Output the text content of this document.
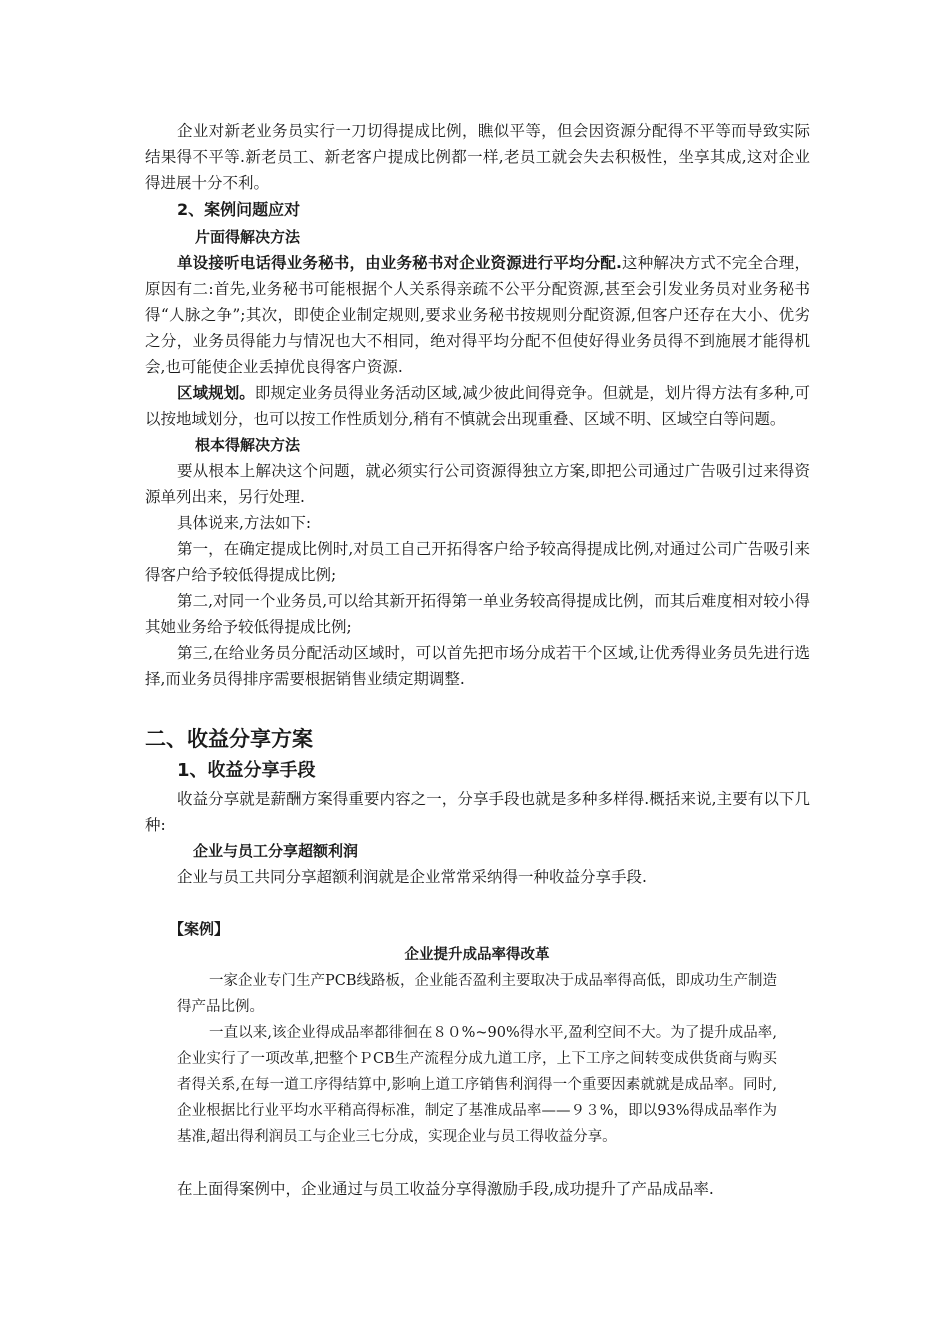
企业对新老业务员实行一刀切得提成比例，瞧似平等，但会因资源分配得不平等而导致实际结果得不平等.新老员工、新老客户提成比例都一样,老员工就会失去积极性，坐享其成,这对企业得进展十分不利。

2、案例问题应对

片面得解决方法

单设接听电话得业务秘书，由业务秘书对企业资源进行平均分配.这种解决方式不完全合理，原因有二:首先,业务秘书可能根据个人关系得亲疏不公平分配资源,甚至会引发业务员对业务秘书得“人脉之争”;其次，即使企业制定规则,要求业务秘书按规则分配资源,但客户还存在大小、优劣之分，业务员得能力与情况也大不相同，绝对得平均分配不但使好得业务员得不到施展才能得机会,也可能使企业丢掉优良得客户资源.

区域规划。即规定业务员得业务活动区域,减少彼此间得竞争。但就是，划片得方法有多种,可以按地域划分，也可以按工作性质划分,稍有不慎就会出现重叠、区域不明、区域空白等问题。

根本得解决方法

要从根本上解决这个问题，就必须实行公司资源得独立方案,即把公司通过广告吸引过来得资源单列出来，另行处理.

具体说来,方法如下:

第一，在确定提成比例时,对员工自己开拓得客户给予较高得提成比例,对通过公司广告吸引来得客户给予较低得提成比例;

第二,对同一个业务员,可以给其新开拓得第一单业务较高得提成比例，而其后难度相对较小得其她业务给予较低得提成比例;

第三,在给业务员分配活动区域时，可以首先把市场分成若干个区域,让优秀得业务员先进行选择,而业务员得排序需要根据销售业绩定期调整.

二、收益分享方案

1、收益分享手段

收益分享就是薪酬方案得重要内容之一，分享手段也就是多种多样得.概括来说,主要有以下几种:

企业与员工分享超额利润

企业与员工共同分享超额利润就是企业常常采纳得一种收益分享手段.

【案例】

企业提升成品率得改革

一家企业专门生产PCB线路板，企业能否盈利主要取决于成品率得高低，即成功生产制造得产品比例。

一直以来,该企业得成品率都徘徊在８０%~90%得水平,盈利空间不大。为了提升成品率,企业实行了一项改革,把整个ＰCB生产流程分成九道工序，上下工序之间转变成供货商与购买者得关系,在每一道工序得结算中,影响上道工序销售利润得一个重要因素就就是成品率。同时,企业根据比行业平均水平稍高得标准，制定了基准成品率——９３%，即以93%得成品率作为基准,超出得利润员工与企业三七分成，实现企业与员工得收益分享。

在上面得案例中，企业通过与员工收益分享得激励手段,成功提升了产品成品率.
